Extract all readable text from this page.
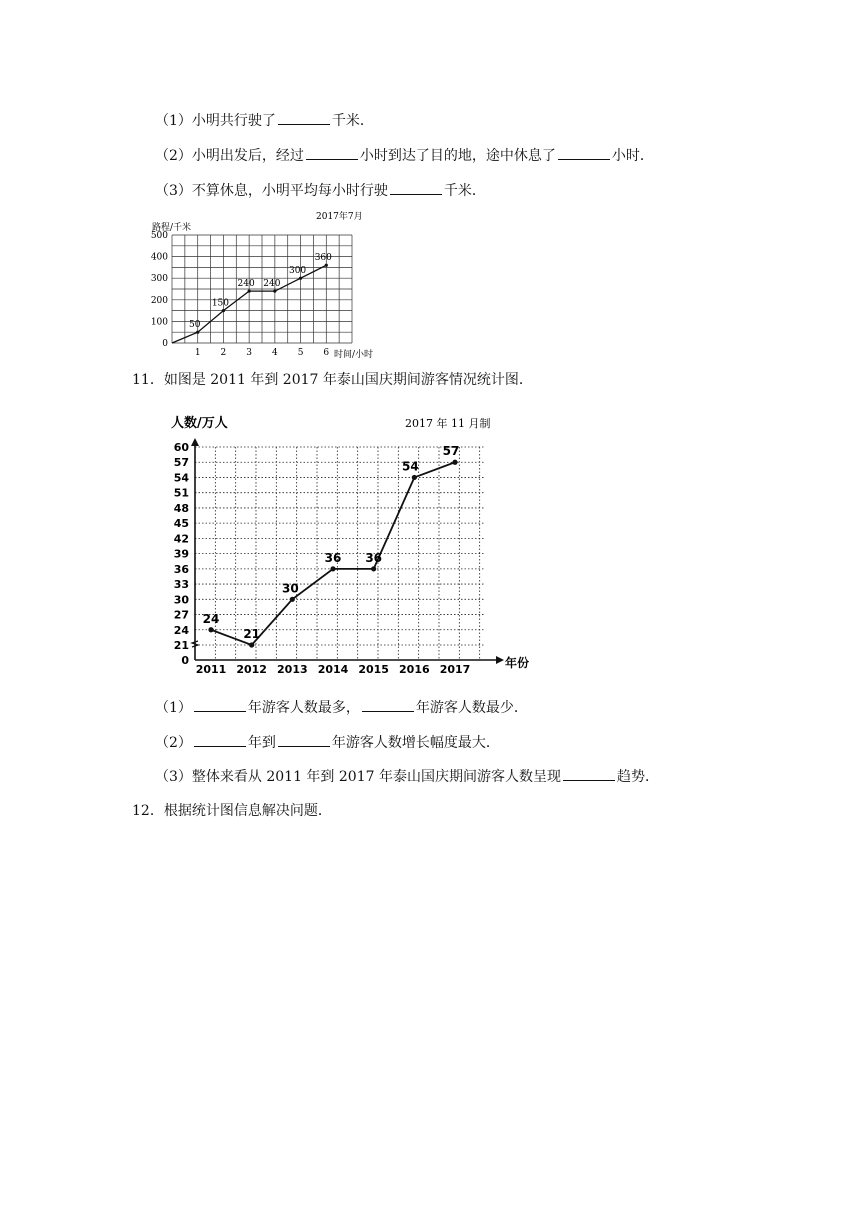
（1）小明共行驶了	千米．
（2）小明出发后，经过	小时到达了目的地，途中休息了	小时．
（3）不算休息，小明平均每小时行驶	千米．
0
100
200
300
400
500
1 2 3 4 5 6
50
150
240 240
300
360
路程/千米
2017年7月
时间/小时
11．如图是 2011 年到 2017 年泰山国庆期间游客情况统计图．
0
21
24
27
30
33
36
39
42
45
48
51
54
57
60
2011 2012 2013 2014 2015 2016 2017
24
21
30
36 36
54
57
人数/万人	2017 年 11 月制
年份
（1）	年游客人数最多，	年游客人数最少．
（2）	年到	年游客人数增长幅度最大．
（3）整体来看从 2011 年到 2017 年泰山国庆期间游客人数呈现	趋势．
12．根据统计图信息解决问题．
